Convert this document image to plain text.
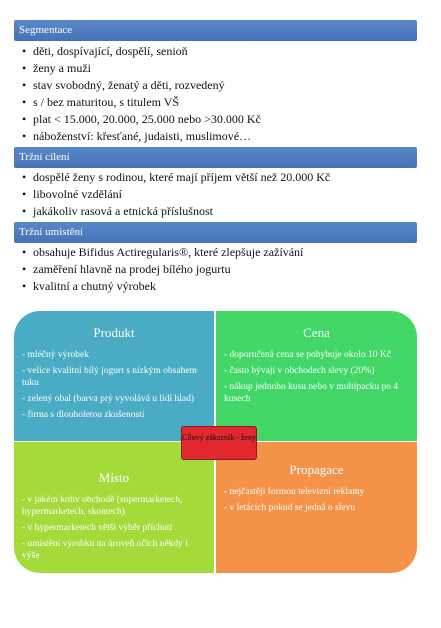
Segmentace
• děti, dospívající, dospělí, senioň
• ženy a muži
• stav svobodný, ženatý a děti, rozvedený
• s / bez maturitou, s titulem VŠ
• plat < 15.000, 20.000, 25.000 nebo >30.000 Kč
• náboženství: křesťané, judaisti, muslimové…
Tržní cílení
• dospělé ženy s rodinou, které mají příjem větší než 20.000 Kč
• libovolné vzdělání
• jakákoliv rasová a etnická příslušnost
Tržní umistění
• obsahuje Bifidus Actiregularis®, které zlepšuje zažívání
• zaměření hlavně na prodej bílého jogurtu
• kvalitní a chutný výrobek
Produkt
- mléčný výrobek
- velice kvalitní bílý jogurt s nízkým obsahem tuku
- zelený obal (barva prý vyvolává u lidí hlad)
- firma s dlouholetou zkušeností
Cena
- doporučená cena se pohybuje okolo 10 Kč
- často bývají v obchodech slevy (20%)
- nákup jednoho kusu nebo v multipacku po 4 kusech
Místo
- v jakém koliv obchodě (supermarketech, hypermarketech, skontech)
- v hypermarketech větší výběr příchutí
- umístění výrobku na úroveň očích někdy i výše
Propagace
- nejčastěji formou televizní reklamy
- v letácích pokud se jedná o slevu
Cílový zákazník - ženy
